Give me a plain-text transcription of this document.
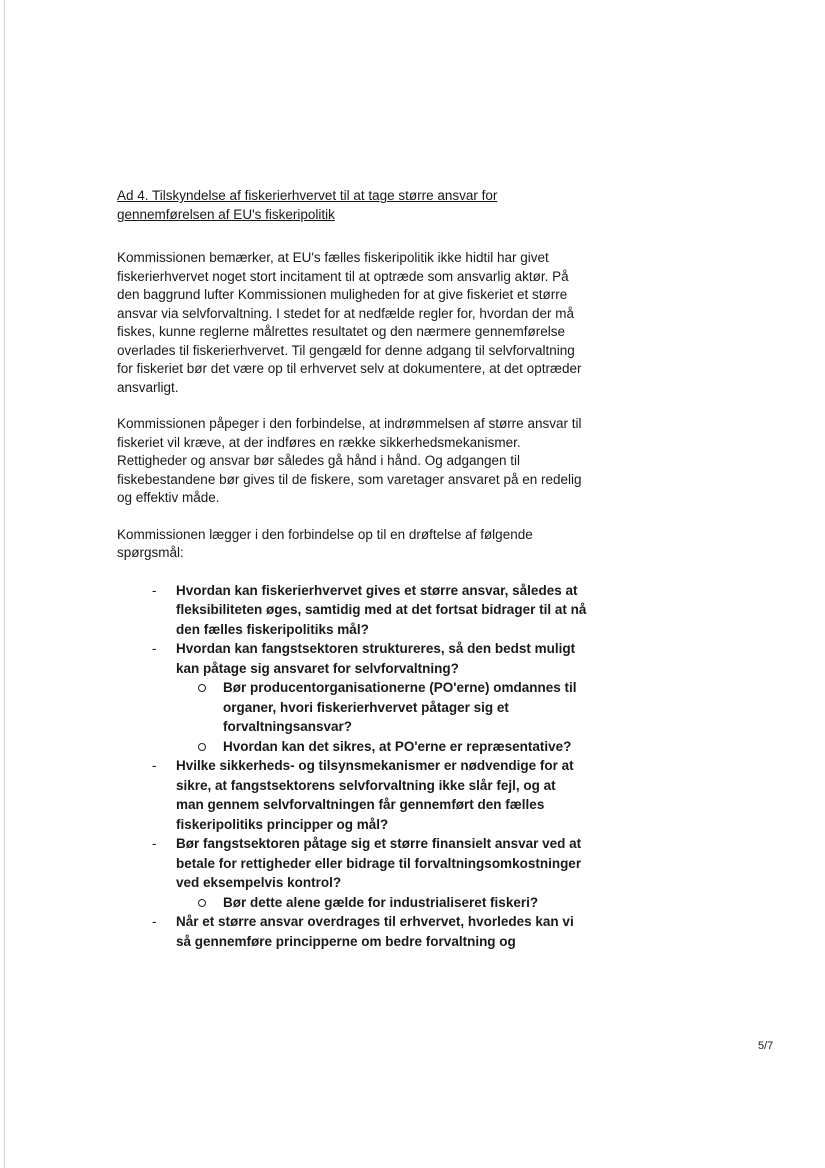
Ad 4. Tilskyndelse af fiskerierhvervet til at tage større ansvar for gennemførelsen af EU's fiskeripolitik

Kommissionen bemærker, at EU's fælles fiskeripolitik ikke hidtil har givet fiskerierhvervet noget stort incitament til at optræde som ansvarlig aktør. På den baggrund lufter Kommissionen muligheden for at give fiskeriet et større ansvar via selvforvaltning. I stedet for at nedfælde regler for, hvordan der må fiskes, kunne reglerne målrettes resultatet og den nærmere gennemførelse overlades til fiskerierhvervet. Til gengæld for denne adgang til selvforvaltning for fiskeriet bør det være op til erhvervet selv at dokumentere, at det optræder ansvarligt.

Kommissionen påpeger i den forbindelse, at indrømmelsen af større ansvar til fiskeriet vil kræve, at der indføres en række sikkerhedsmekanismer. Rettigheder og ansvar bør således gå hånd i hånd. Og adgangen til fiskebestandene bør gives til de fiskere, som varetager ansvaret på en redelig og effektiv måde.

Kommissionen lægger i den forbindelse op til en drøftelse af følgende spørgsmål:

- Hvordan kan fiskerierhvervet gives et større ansvar, således at fleksibiliteten øges, samtidig med at det fortsat bidrager til at nå den fælles fiskeripolitiks mål?
- Hvordan kan fangstsektoren struktureres, så den bedst muligt kan påtage sig ansvaret for selvforvaltning?
Bør producentorganisationerne (PO'erne) omdannes til organer, hvori fiskerierhvervet påtager sig et forvaltningsansvar?
Hvordan kan det sikres, at PO'erne er repræsentative?
- Hvilke sikkerheds- og tilsynsmekanismer er nødvendige for at sikre, at fangstsektorens selvforvaltning ikke slår fejl, og at man gennem selvforvaltningen får gennemført den fælles fiskeripolitiks principper og mål?
- Bør fangstsektoren påtage sig et større finansielt ansvar ved at betale for rettigheder eller bidrage til forvaltningsomkostninger ved eksempelvis kontrol?
Bør dette alene gælde for industrialiseret fiskeri?
- Når et større ansvar overdrages til erhvervet, hvorledes kan vi så gennemføre principperne om bedre forvaltning og
5/7
